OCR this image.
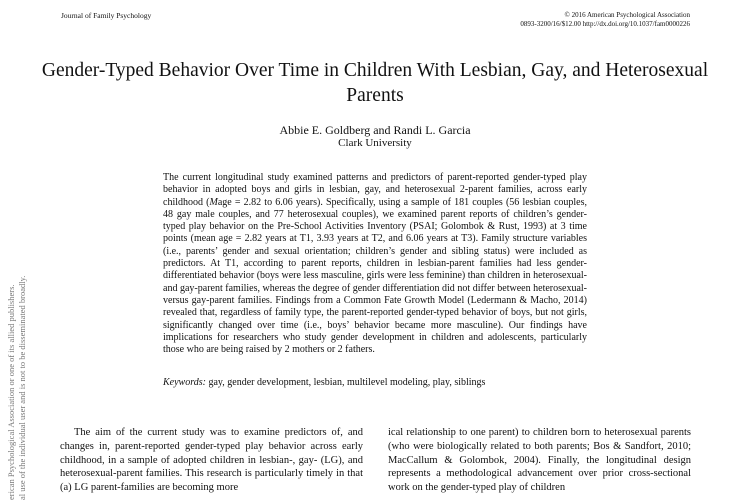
Journal of Family Psychology	© 2016 American Psychological Association
0893-3200/16/$12.00 http://dx.doi.org/10.1037/fam0000226
Gender-Typed Behavior Over Time in Children With Lesbian, Gay, and Heterosexual Parents
Abbie E. Goldberg and Randi L. Garcia
Clark University

The current longitudinal study examined patterns and predictors of parent-reported gender-typed play behavior in adopted boys and girls in lesbian, gay, and heterosexual 2-parent families, across early childhood (Mage = 2.82 to 6.06 years). Specifically, using a sample of 181 couples (56 lesbian couples, 48 gay male couples, and 77 heterosexual couples), we examined parent reports of children’s gender-typed play behavior on the Pre-School Activities Inventory (PSAI; Golombok & Rust, 1993) at 3 time points (mean age = 2.82 years at T1, 3.93 years at T2, and 6.06 years at T3). Family structure variables (i.e., parents’ gender and sexual orientation; children’s gender and sibling status) were included as predictors. At T1, according to parent reports, children in lesbian-parent families had less gender-differentiated behavior (boys were less masculine, girls were less feminine) than children in heterosexual- and gay-parent families, whereas the degree of gender differentiation did not differ between heterosexual- versus gay-parent families. Findings from a Common Fate Growth Model (Ledermann & Macho, 2014) revealed that, regardless of family type, the parent-reported gender-typed behavior of boys, but not girls, significantly changed over time (i.e., boys’ behavior became more masculine). Our findings have implications for researchers who study gender development in children and adolescents, particularly those who are being raised by 2 mothers or 2 fathers.

Keywords: gay, gender development, lesbian, multilevel modeling, play, siblings

erican Psychological Association or one of its allied publishers. al use of the individual user and is not to be disseminated broadly.	The aim of the current study was to examine predictors of, and changes in, parent-reported gender-typed play behavior across early childhood, in a sample of adopted children in lesbian-, gay- (LG), and heterosexual-parent families. This research is particularly timely in that (a) LG parent-families are becoming more

ical relationship to one parent) to children born to heterosexual parents (who were biologically related to both parents; Bos & Sandfort, 2010; MacCallum & Golombok, 2004). Finally, the longitudinal design represents a methodological advancement over prior cross-sectional work on the gender-typed play of children
